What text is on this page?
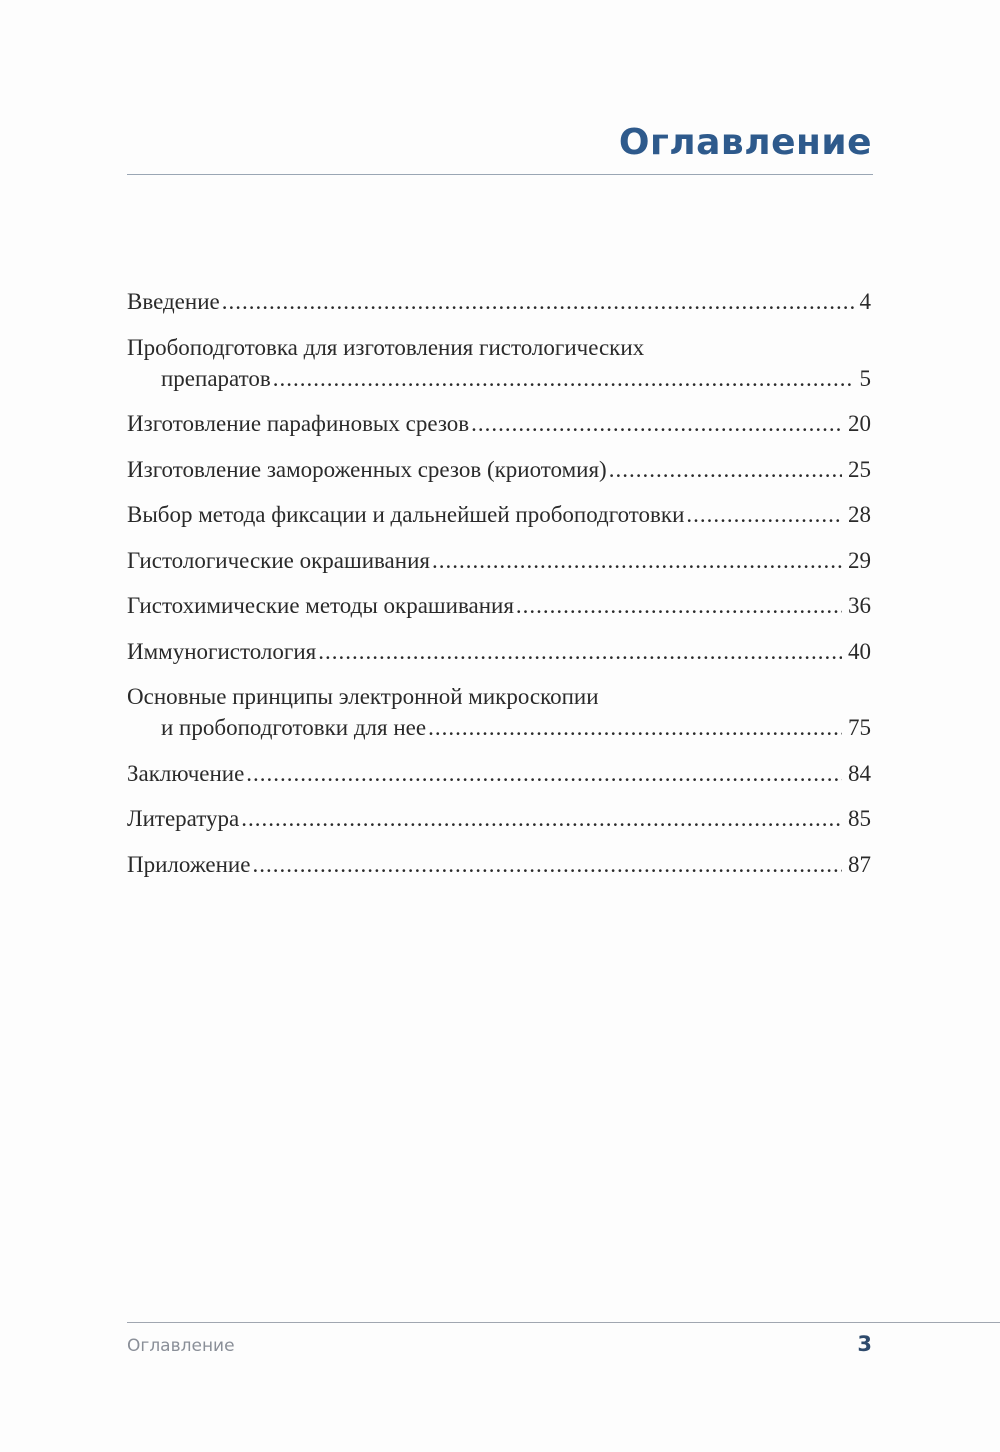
Оглавление
Введение .....	4
Пробоподготовка для изготовления гистологических
препаратов .....	5
Изготовление парафиновых срезов .....	20
Изготовление замороженных срезов (криотомия) .....	25
Выбор метода фиксации и дальнейшей пробоподготовки .....	28
Гистологические окрашивания .....	29
Гистохимические методы окрашивания .....	36
Иммуногистология .....	40
Основные принципы электронной микроскопии
и пробоподготовки для нее .....	75
Заключение .....	84
Литература .....	85
Приложение .....	87
Оглавление	3
